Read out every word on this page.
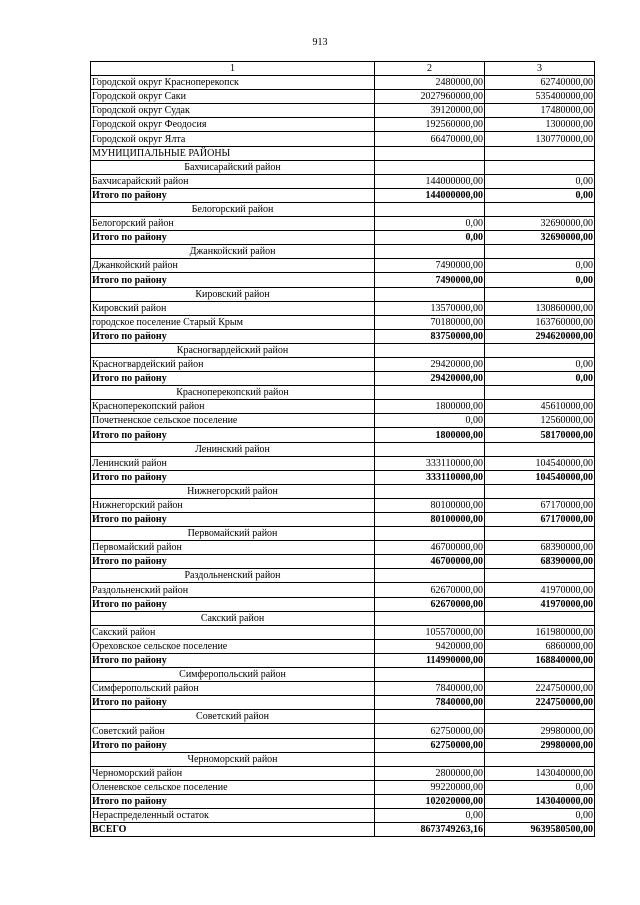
913
1	2	3
Городской округ Красноперекопск	2480000,00	62740000,00
Городской округ Саки	2027960000,00	535400000,00
Городской округ Судак	39120000,00	17480000,00
Городской округ Феодосия	192560000,00	1300000,00
Городской округ Ялта	66470000,00	130770000,00
МУНИЦИПАЛЬНЫЕ РАЙОНЫ		
Бахчисарайский район		
Бахчисарайский район	144000000,00	0,00
Итого по району	144000000,00	0,00
Белогорский район		
Белогорский район	0,00	32690000,00
Итого по району	0,00	32690000,00
Джанкойский район		
Джанкойский район	7490000,00	0,00
Итого по району	7490000,00	0,00
Кировский район		
Кировский район	13570000,00	130860000,00
городское поселение Старый Крым	70180000,00	163760000,00
Итого по району	83750000,00	294620000,00
Красногвардейский район		
Красногвардейский район	29420000,00	0,00
Итого по району	29420000,00	0,00
Красноперекопский район		
Красноперекопский район	1800000,00	45610000,00
Почетненское сельское поселение	0,00	12560000,00
Итого по району	1800000,00	58170000,00
Ленинский район		
Ленинский район	333110000,00	104540000,00
Итого по району	333110000,00	104540000,00
Нижнегорский район		
Нижнегорский район	80100000,00	67170000,00
Итого по району	80100000,00	67170000,00
Первомайский район		
Первомайский район	46700000,00	68390000,00
Итого по району	46700000,00	68390000,00
Раздольненский район		
Раздольненский район	62670000,00	41970000,00
Итого по району	62670000,00	41970000,00
Сакский район		
Сакский район	105570000,00	161980000,00
Ореховское сельское поселение	9420000,00	6860000,00
Итого по району	114990000,00	168840000,00
Симферопольский район		
Симферопольский район	7840000,00	224750000,00
Итого по району	7840000,00	224750000,00
Советский район		
Советский район	62750000,00	29980000,00
Итого по району	62750000,00	29980000,00
Черноморский район		
Черноморский район	2800000,00	143040000,00
Оленевское сельское поселение	99220000,00	0,00
Итого по району	102020000,00	143040000,00
Нераспределенный остаток	0,00	0,00
ВСЕГО	8673749263,16	9639580500,00
